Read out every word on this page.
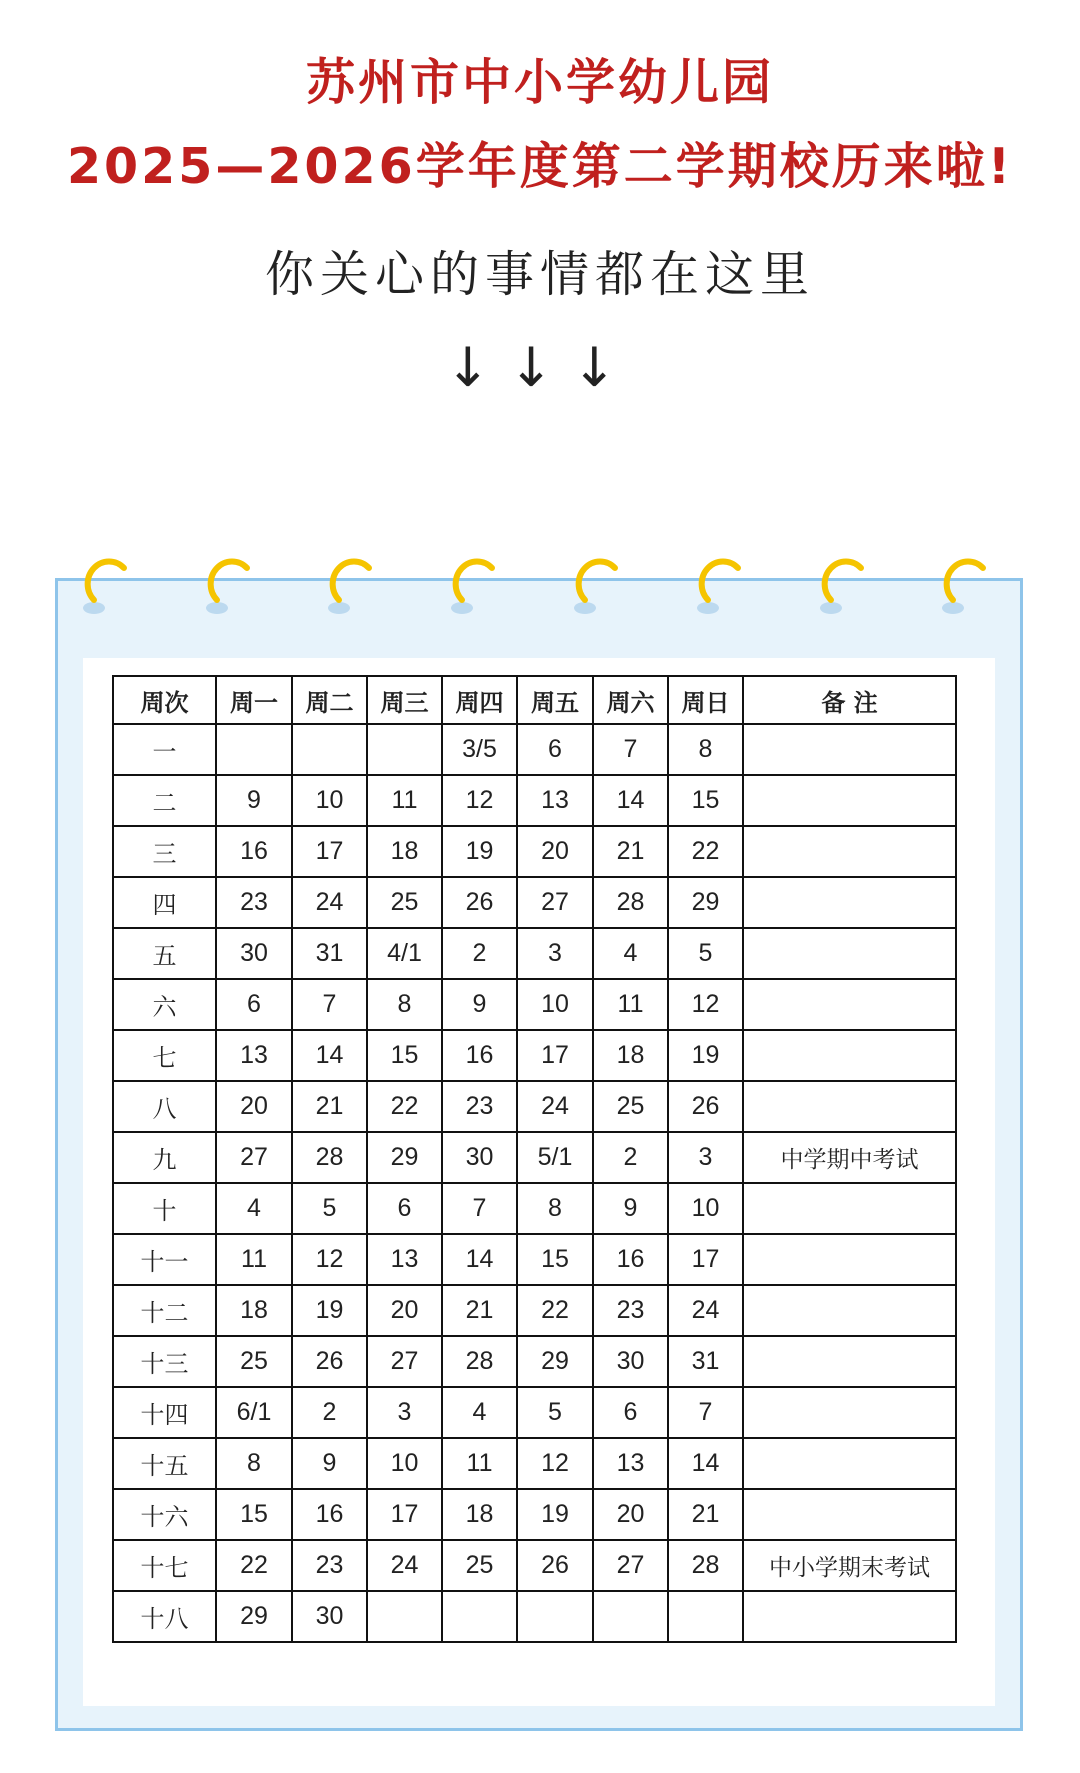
苏州市中小学幼儿园
2025—2026学年度第二学期校历来啦!
你关心的事情都在这里
↓↓↓
周次	周一	周二	周三	周四	周五	周六	周日	备 注
一				3/5	6	7	8	
二	9	10	11	12	13	14	15	
三	16	17	18	19	20	21	22	
四	23	24	25	26	27	28	29	
五	30	31	4/1	2	3	4	5	
六	6	7	8	9	10	11	12	
七	13	14	15	16	17	18	19	
八	20	21	22	23	24	25	26	
九	27	28	29	30	5/1	2	3	中学期中考试
十	4	5	6	7	8	9	10	
十一	11	12	13	14	15	16	17	
十二	18	19	20	21	22	23	24	
十三	25	26	27	28	29	30	31	
十四	6/1	2	3	4	5	6	7	
十五	8	9	10	11	12	13	14	
十六	15	16	17	18	19	20	21	
十七	22	23	24	25	26	27	28	中小学期末考试
十八	29	30						
